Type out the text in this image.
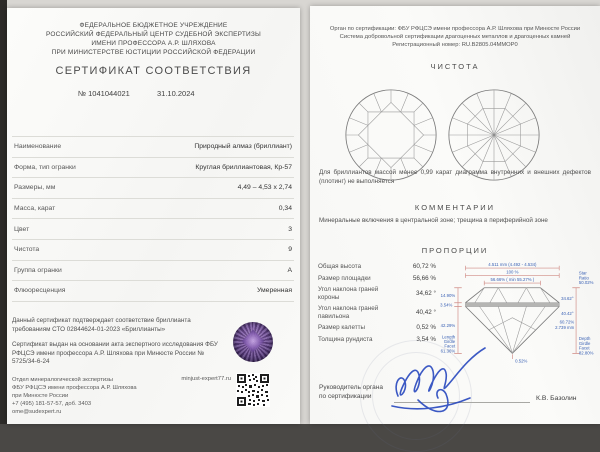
ФЕДЕРАЛЬНОЕ БЮДЖЕТНОЕ УЧРЕЖДЕНИЕ
РОССИЙСКИЙ ФЕДЕРАЛЬНЫЙ ЦЕНТР СУДЕБНОЙ ЭКСПЕРТИЗЫ
ИМЕНИ ПРОФЕССОРА А.Р. ШЛЯХОВА
ПРИ МИНИСТЕРСТВЕ ЮСТИЦИИ РОССИЙСКОЙ ФЕДЕРАЦИИ
СЕРТИФИКАТ СООТВЕТСТВИЯ
№ 1041044021	31.10.2024
Наименование	Природный алмаз (бриллиант)
Форма, тип огранки	Круглая бриллиантовая, Кр-57
Размеры, мм	4,49 – 4,53 x 2,74
Масса, карат	0,34
Цвет	3
Чистота	9
Группа огранки	А
Флюоресценция	Умеренная
Данный сертификат подтверждает соответствие бриллианта требованиям СТО 02844624-01-2023 «Бриллианты»
Сертификат выдан на основании акта экспертного исследования ФБУ РФЦСЭ имени профессора А.Р. Шляхова при Минюсте России № 5725/34-6-24
Отдел минералогической экспертизы
ФБУ РФЦСЭ имени профессора А.Р. Шляхова
при Минюсте России
+7 (495) 181-57-57, доб. 3403
ome@sudexpert.ru
minjust-expert77.ru
Орган по сертификации: ФБУ РФЦСЭ имени профессора А.Р. Шляхова при Минюсте России
Система добровольной сертификации драгоценных металлов и драгоценных камней
Регистрационный номер: RU.В2805.04ММОР0
ЧИСТОТА
Для бриллиантов массой менее 0,99 карат диаграмма внутренних и внешних дефектов (плотинг) не выполняется
КОММЕНТАРИИ
Минеральные включения в центральной зоне; трещина в периферийной зоне
ПРОПОРЦИИ
Общая высота	60,72 %
Размер площадки	56,66 %
Угол наклона граней короны	34,62 °
Угол наклона граней павильона	40,42 °
Размер калетты	0,52 %
Толщина рундиста	3,54 %
4.511 mm (4.492 - 4.534)
100 %
56.66% ( min 55.27% )
14.90%
3.54%
42.29%
Length
Girdle
Facet
61.36%
Star
Ratio
50.02%
34.62°
40.42°
60.72%
2.739 mm
Depth
Girdle
Facet
82.80%
0.52%
Руководитель органа
по сертификации	К.В. Базолин
